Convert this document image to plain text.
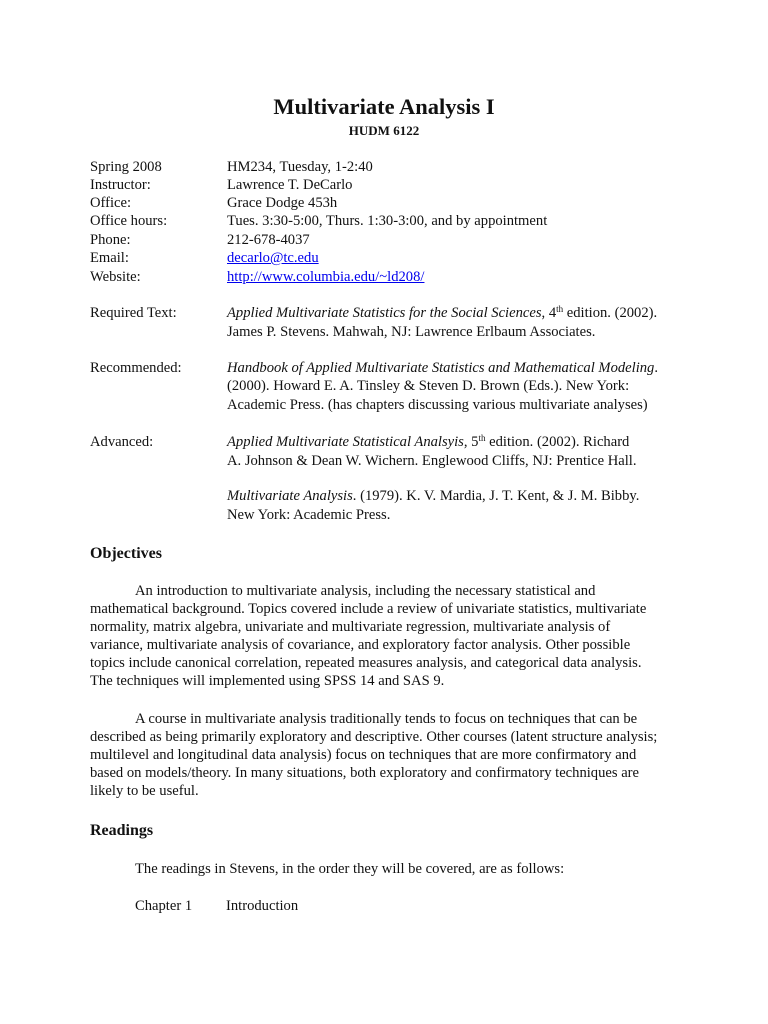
Multivariate Analysis I
HUDM 6122
Spring 2008	HM234, Tuesday, 1-2:40
Instructor:	Lawrence T. DeCarlo
Office:	Grace Dodge 453h
Office hours:	Tues. 3:30-5:00, Thurs. 1:30-3:00, and by appointment
Phone:	212-678-4037
Email:	decarlo@tc.edu
Website:	http://www.columbia.edu/~ld208/
Required Text:	Applied Multivariate Statistics for the Social Sciences, 4th edition. (2002).
James P. Stevens. Mahwah, NJ: Lawrence Erlbaum Associates.
Recommended:	Handbook of Applied Multivariate Statistics and Mathematical Modeling.
(2000). Howard E. A. Tinsley & Steven D. Brown (Eds.). New York:
Academic Press. (has chapters discussing various multivariate analyses)
Advanced:	Applied Multivariate Statistical Analsyis, 5th edition. (2002). Richard
A. Johnson & Dean W. Wichern. Englewood Cliffs, NJ: Prentice Hall.
Multivariate Analysis. (1979). K. V. Mardia, J. T. Kent, & J. M. Bibby.
New York: Academic Press.
Objectives

An introduction to multivariate analysis, including the necessary statistical and

mathematical background. Topics covered include a review of univariate statistics, multivariate

normality, matrix algebra, univariate and multivariate regression, multivariate analysis of

variance, multivariate analysis of covariance, and exploratory factor analysis. Other possible

topics include canonical correlation, repeated measures analysis, and categorical data analysis.

The techniques will implemented using SPSS 14 and SAS 9.

A course in multivariate analysis traditionally tends to focus on techniques that can be

described as being primarily exploratory and descriptive. Other courses (latent structure analysis;

multilevel and longitudinal data analysis) focus on techniques that are more confirmatory and

based on models/theory. In many situations, both exploratory and confirmatory techniques are

likely to be useful.

Readings
The readings in Stevens, in the order they will be covered, are as follows:
Chapter 1 Introduction
